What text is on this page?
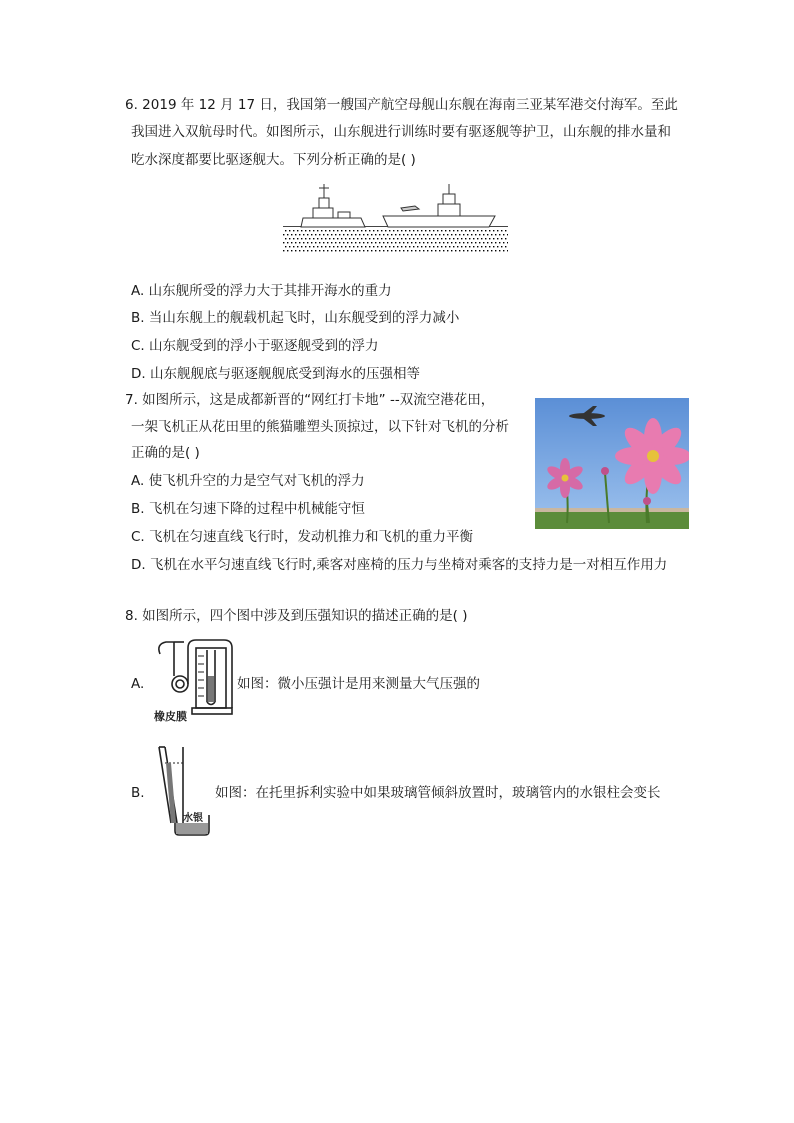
6. 2019 年 12 月 17 日，我国第一艘国产航空母舰山东舰在海南三亚某军港交付海军。至此
我国进入双航母时代。如图所示，山东舰进行训练时要有驱逐舰等护卫，山东舰的排水量和
吃水深度都要比驱逐舰大。下列分析正确的是( )
A. 山东舰所受的浮力大于其排开海水的重力
B. 当山东舰上的舰载机起飞时，山东舰受到的浮力减小
C. 山东舰受到的浮小于驱逐舰受到的浮力
D. 山东舰舰底与驱逐舰舰底受到海水的压强相等
7. 如图所示，这是成都新晋的“网红打卡地” --双流空港花田，
一架飞机正从花田里的熊猫雕塑头顶掠过，以下针对飞机的分析
正确的是( )
A. 使飞机升空的力是空气对飞机的浮力
B. 飞机在匀速下降的过程中机械能守恒
C. 飞机在匀速直线飞行时，发动机推力和飞机的重力平衡
D. 飞机在水平匀速直线飞行时,乘客对座椅的压力与坐椅对乘客的支持力是一对相互作用力
8. 如图所示，四个图中涉及到压强知识的描述正确的是( )
A.
橡皮膜
如图：微小压强计是用来测量大气压强的
B.
水银
如图：在托里拆利实验中如果玻璃管倾斜放置时，玻璃管内的水银柱会变长
